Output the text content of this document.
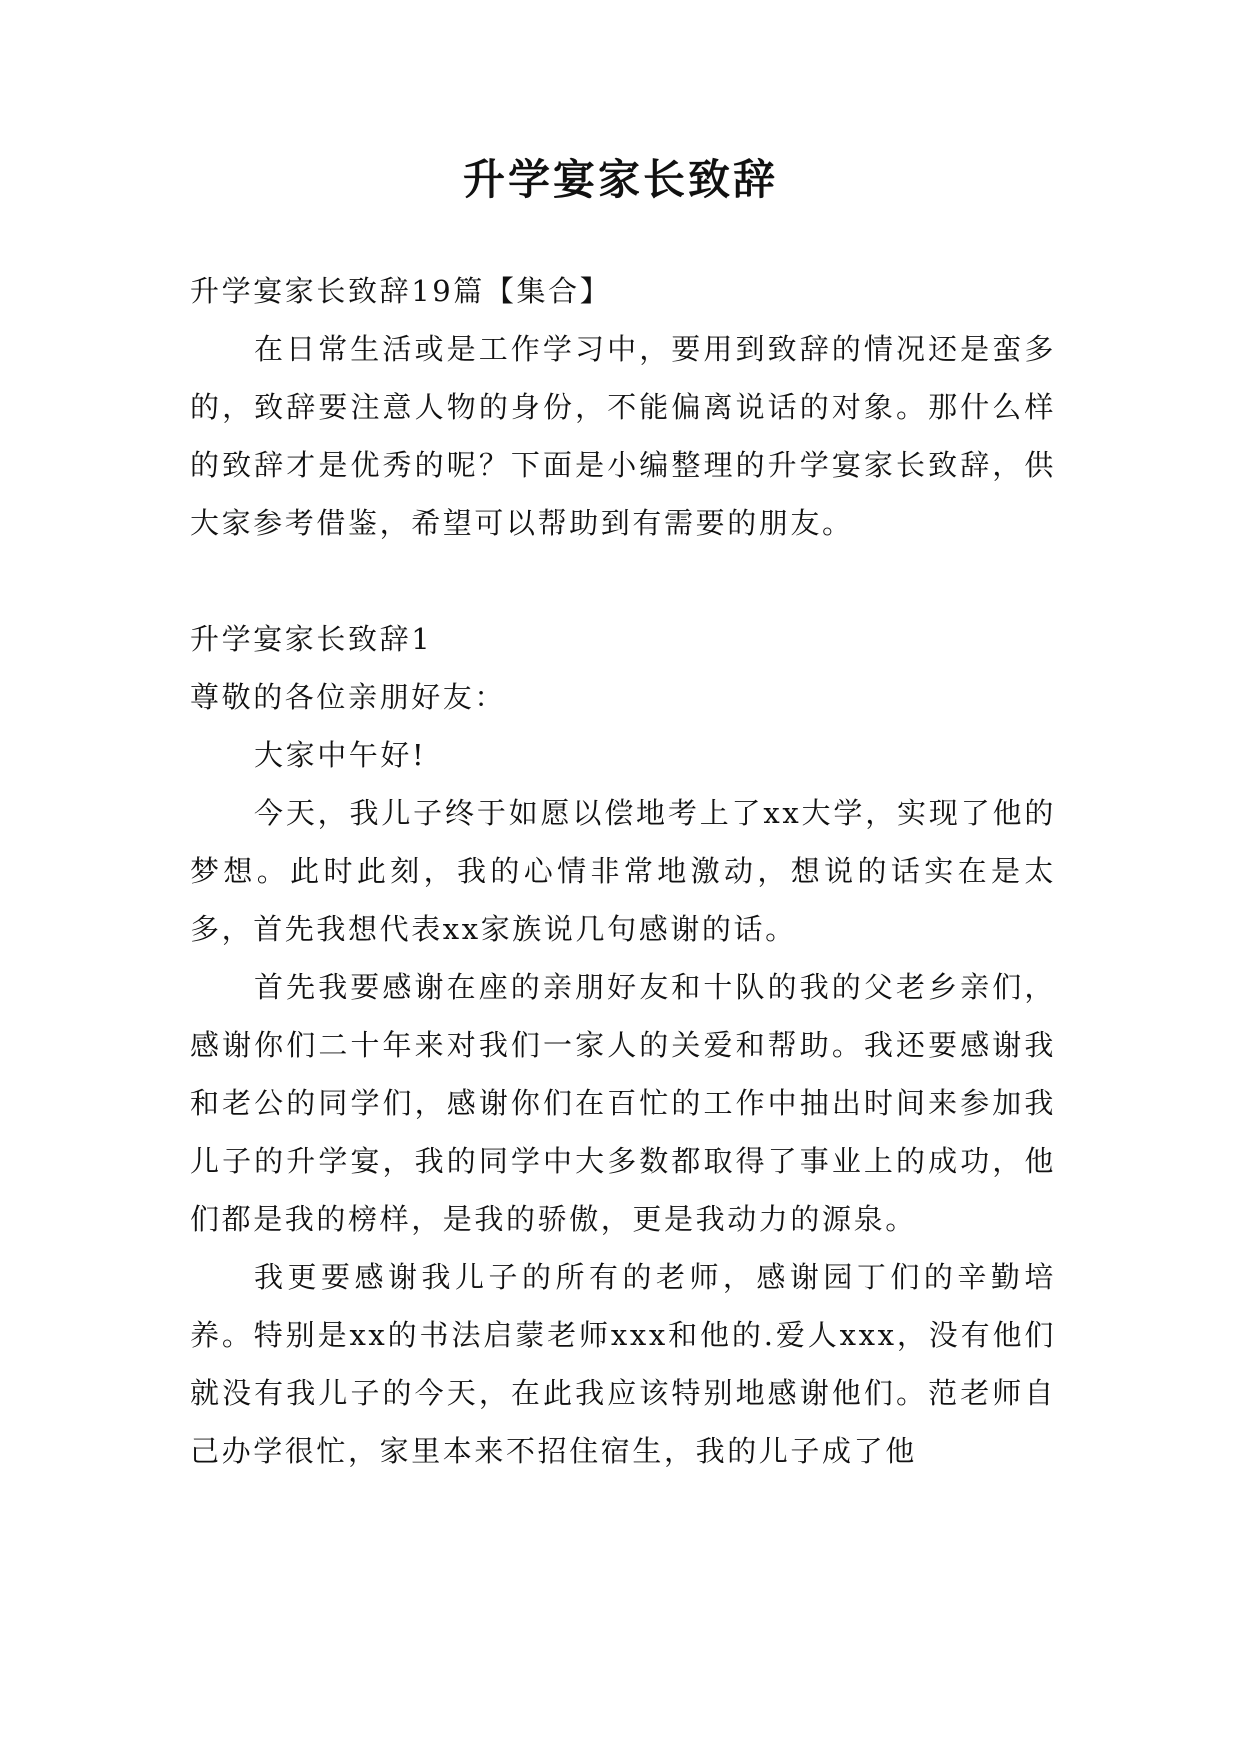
升学宴家长致辞

升学宴家长致辞19篇【集合】

在日常生活或是工作学习中，要用到致辞的情况还是蛮多的，致辞要注意人物的身份，不能偏离说话的对象。那什么样的致辞才是优秀的呢？下面是小编整理的升学宴家长致辞，供大家参考借鉴，希望可以帮助到有需要的朋友。

升学宴家长致辞1

尊敬的各位亲朋好友：

大家中午好!

今天，我儿子终于如愿以偿地考上了xx大学，实现了他的梦想。此时此刻，我的心情非常地激动，想说的话实在是太多，首先我想代表xx家族说几句感谢的话。

首先我要感谢在座的亲朋好友和十队的我的父老乡亲们，感谢你们二十年来对我们一家人的关爱和帮助。我还要感谢我和老公的同学们，感谢你们在百忙的工作中抽出时间来参加我儿子的升学宴，我的同学中大多数都取得了事业上的成功，他们都是我的榜样，是我的骄傲，更是我动力的源泉。

我更要感谢我儿子的所有的老师，感谢园丁们的辛勤培养。特别是xx的书法启蒙老师xxx和他的.爱人xxx，没有他们就没有我儿子的今天，在此我应该特别地感谢他们。范老师自己办学很忙，家里本来不招住宿生，我的儿子成了他
